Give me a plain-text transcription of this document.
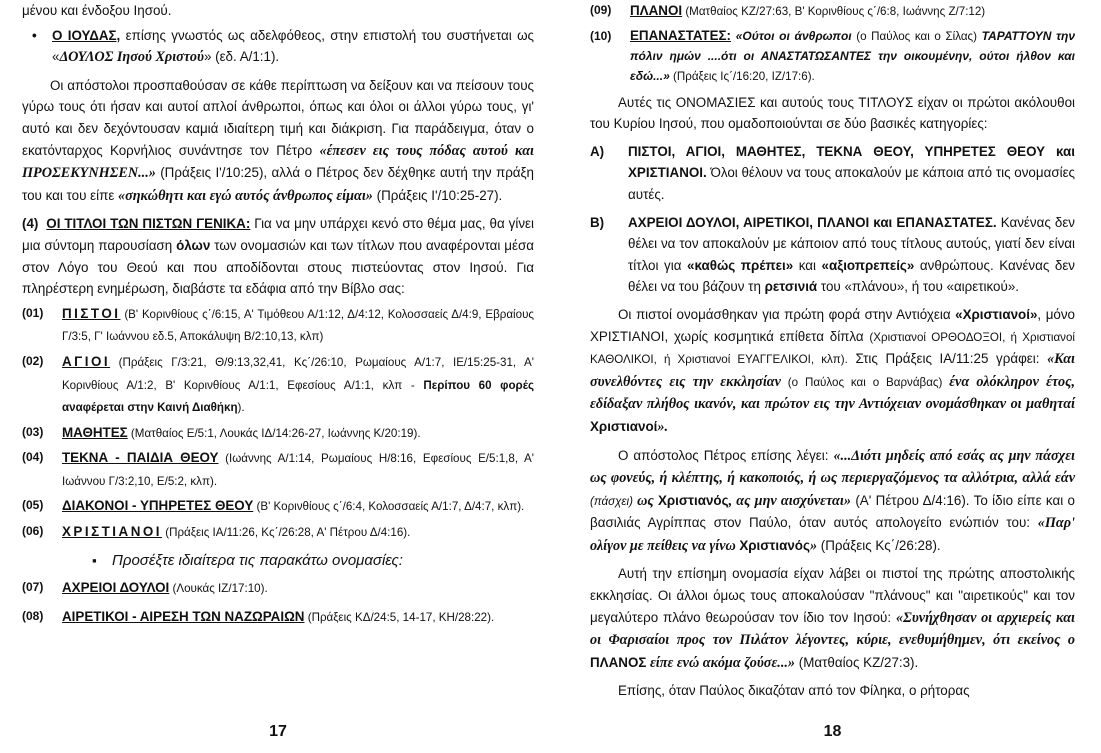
μένου και ένδοξου Ιησού.

• Ο ΙΟΥΔΑΣ, επίσης γνωστός ως αδελφόθεος, στην επιστολή του συστήνεται ως «ΔΟΥΛΟΣ Ιησού Χριστού» (εδ. Α/1:1).

Οι απόστολοι προσπαθούσαν σε κάθε περίπτωση να δείξουν και να πείσουν τους γύρω τους ότι ήσαν και αυτοί απλοί άνθρωποι, όπως και όλοι οι άλλοι γύρω τους, γι' αυτό και δεν δεχόντουσαν καμιά ιδιαίτερη τιμή και διάκριση. Για παράδειγμα, όταν ο εκατόνταρχος Κορνήλιος συνάντησε τον Πέτρο «έπεσεν εις τους πόδας αυτού και ΠΡΟΣΕΚΥΝΗΣΕΝ...» (Πράξεις Ι'/10:25), αλλά ο Πέτρος δεν δέχθηκε αυτή την πράξη του και του είπε «σηκώθητι και εγώ αυτός άνθρωπος είμαι» (Πράξεις Ι'/10:25-27).

(4) ΟΙ ΤΙΤΛΟΙ ΤΩΝ ΠΙΣΤΩΝ ΓΕΝΙΚΑ: Για να μην υπάρχει κενό στο θέμα μας, θα γίνει μια σύντομη παρουσίαση όλων των ονομασιών και των τίτλων που αναφέρονται μέσα στον Λόγο του Θεού και που αποδίδονται στους πιστεύοντας στον Ιησού. Για πληρέστερη ενημέρωση, διαβάστε τα εδάφια από την Βίβλο σας:

(01)	ΠΙΣΤΟΙ (Β' Κορινθίους ς΄/6:15, Α' Τιμόθεου Α/1:12, Δ/4:12, Κολοσσαείς Δ/4:9, Εβραίους Γ/3:5, Γ' Ιωάννου εδ.5, Αποκάλυψη Β/2:10,13, κλπ)

(02)	ΑΓΙΟΙ (Πράξεις Γ/3:21, Θ/9:13,32,41, Κς΄/26:10, Ρωμαίους Α/1:7, ΙΕ/15:25-31, Α' Κορινθίους Α/1:2, Β' Κορινθίους Α/1:1, Εφεσίους Α/1:1, κλπ - Περίπου 60 φορές αναφέρεται στην Καινή Διαθήκη).

(03)	ΜΑΘΗΤΕΣ (Ματθαίος Ε/5:1, Λουκάς ΙΔ/14:26-27, Ιωάννης Κ/20:19).

(04)	ΤΕΚΝΑ - ΠΑΙΔΙΑ ΘΕΟΥ (Ιωάννης Α/1:14, Ρωμαίους Η/8:16, Εφεσίους Ε/5:1,8, Α' Ιωάννου Γ/3:2,10, Ε/5:2, κλπ).

(05)	ΔΙΑΚΟΝΟΙ - ΥΠΗΡΕΤΕΣ ΘΕΟΥ (Β' Κορινθίους ς΄/6:4, Κολοσσαείς Α/1:7, Δ/4:7, κλπ).

(06)	ΧΡΙΣΤΙΑΝΟΙ (Πράξεις ΙΑ/11:26, Κς΄/26:28, Α' Πέτρου Δ/4:16).

▪ Προσέξτε ιδιαίτερα τις παρακάτω ονομασίες:

(07)	ΑΧΡΕΙΟΙ ΔΟΥΛΟΙ (Λουκάς ΙΖ/17:10).

(08)	ΑΙΡΕΤΙΚΟΙ - ΑΙΡΕΣΗ ΤΩΝ ΝΑΖΩΡΑΙΩΝ (Πράξεις ΚΔ/24:5, 14-17, ΚΗ/28:22).

17
(09)	ΠΛΑΝΟΙ (Ματθαίος ΚΖ/27:63, Β' Κορινθίους ς΄/6:8, Ιωάννης Ζ/7:12)

(10)	ΕΠΑΝΑΣΤΑΤΕΣ: «Ούτοι οι άνθρωποι (ο Παύλος και ο Σίλας) ΤΑΡΑΤΤΟΥΝ την πόλιν ημών ....ότι οι ΑΝΑΣΤΑΤΩΣΑΝΤΕΣ την οικουμένην, ούτοι ήλθον και εδώ...» (Πράξεις Ις΄/16:20, ΙΖ/17:6).

Αυτές τις ΟΝΟΜΑΣΙΕΣ και αυτούς τους ΤΙΤΛΟΥΣ είχαν οι πρώτοι ακόλουθοι του Κυρίου Ιησού, που ομαδοποιούνται σε δύο βασικές κατηγορίες:

Α)	ΠΙΣΤΟΙ, ΑΓΙΟΙ, ΜΑΘΗΤΕΣ, ΤΕΚΝΑ ΘΕΟΥ, ΥΠΗΡΕΤΕΣ ΘΕΟΥ και ΧΡΙΣΤΙΑΝΟΙ. Όλοι θέλουν να τους αποκαλούν με κάποια από τις ονομασίες αυτές.

Β)	ΑΧΡΕΙΟΙ ΔΟΥΛΟΙ, ΑΙΡΕΤΙΚΟΙ, ΠΛΑΝΟΙ και ΕΠΑΝΑΣΤΑΤΕΣ. Κανένας δεν θέλει να τον αποκαλούν με κάποιον από τους τίτλους αυτούς, γιατί δεν είναι τίτλοι για «καθώς πρέπει» και «αξιοπρεπείς» ανθρώπους. Κανένας δεν θέλει να του βάζουν τη ρετσινιά του «πλάνου», ή του «αιρετικού».

Οι πιστοί ονομάσθηκαν για πρώτη φορά στην Αντιόχεια «Χριστιανοί», μόνο ΧΡΙΣΤΙΑΝΟΙ, χωρίς κοσμητικά επίθετα δίπλα (Χριστιανοί ΟΡΘΟΔΟΞΟΙ, ή Χριστιανοί ΚΑΘΟΛΙΚΟΙ, ή Χριστιανοί ΕΥΑΓΓΕΛΙΚΟΙ, κλπ). Στις Πράξεις ΙΑ/11:25 γράφει: «Και συνελθόντες εις την εκκλησίαν (ο Παύλος και ο Βαρνάβας) ένα ολόκληρον έτος, εδίδαξαν πλήθος ικανόν, και πρώτον εις την Αντιόχειαν ονομάσθηκαν οι μαθηταί Χριστιανοί».

Ο απόστολος Πέτρος επίσης λέγει: «...Διότι μηδείς από εσάς ας μην πάσχει ως φονεύς, ή κλέπτης, ή κακοποιός, ή ως περιεργαζόμενος τα αλλότρια, αλλά εάν (πάσχει) ως Χριστιανός, ας μην αισχύνεται» (Α' Πέτρου Δ/4:16). Το ίδιο είπε και ο βασιλιάς Αγρίππας στον Παύλο, όταν αυτός απολογείτο ενώπιόν του: «Παρ' ολίγον με πείθεις να γίνω Χριστιανός» (Πράξεις Κς΄/26:28).

Αυτή την επίσημη ονομασία είχαν λάβει οι πιστοί της πρώτης αποστολικής εκκλησίας. Οι άλλοι όμως τους αποκαλούσαν "πλάνους" και "αιρετικούς" και τον μεγαλύτερο πλάνο θεωρούσαν τον ίδιο τον Ιησού: «Συνήχθησαν οι αρχιερείς και οι Φαρισαίοι προς τον Πιλάτον λέγοντες, κύριε, ενεθυμήθημεν, ότι εκείνος ο ΠΛΑΝΟΣ είπε ενώ ακόμα ζούσε...» (Ματθαίος ΚΖ/27:3).

Επίσης, όταν Παύλος δικαζόταν από τον Φίληκα, ο ρήτορας

18
